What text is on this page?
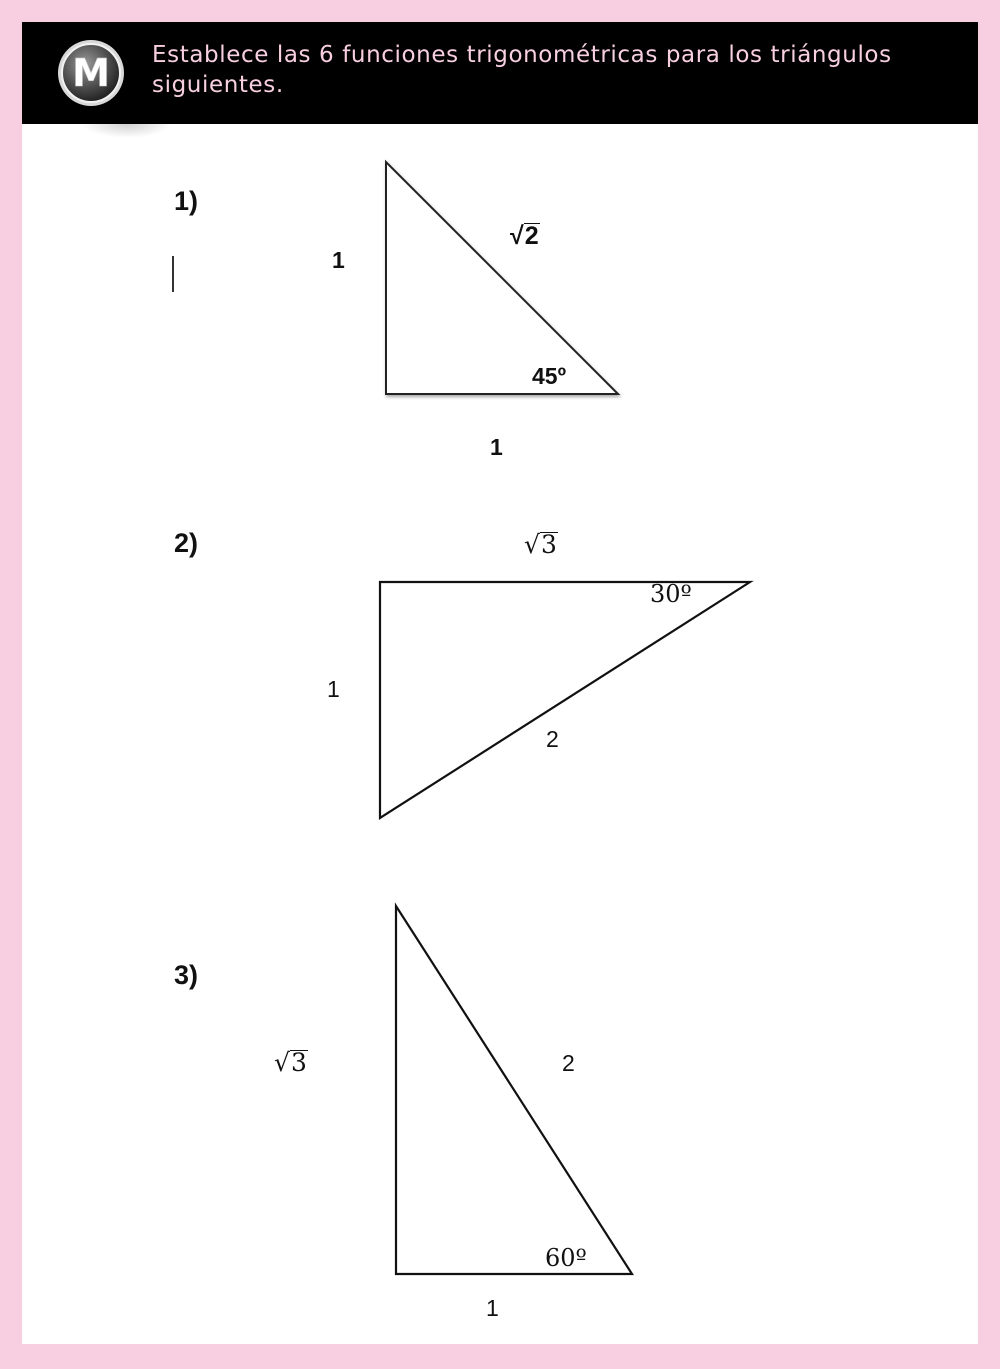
M Establece las 6 funciones trigonométricas para los triángulos siguientes.
1)
1
√2
45º
1
2)	√3
30º
1
2
3)
√3	2
60º
1
